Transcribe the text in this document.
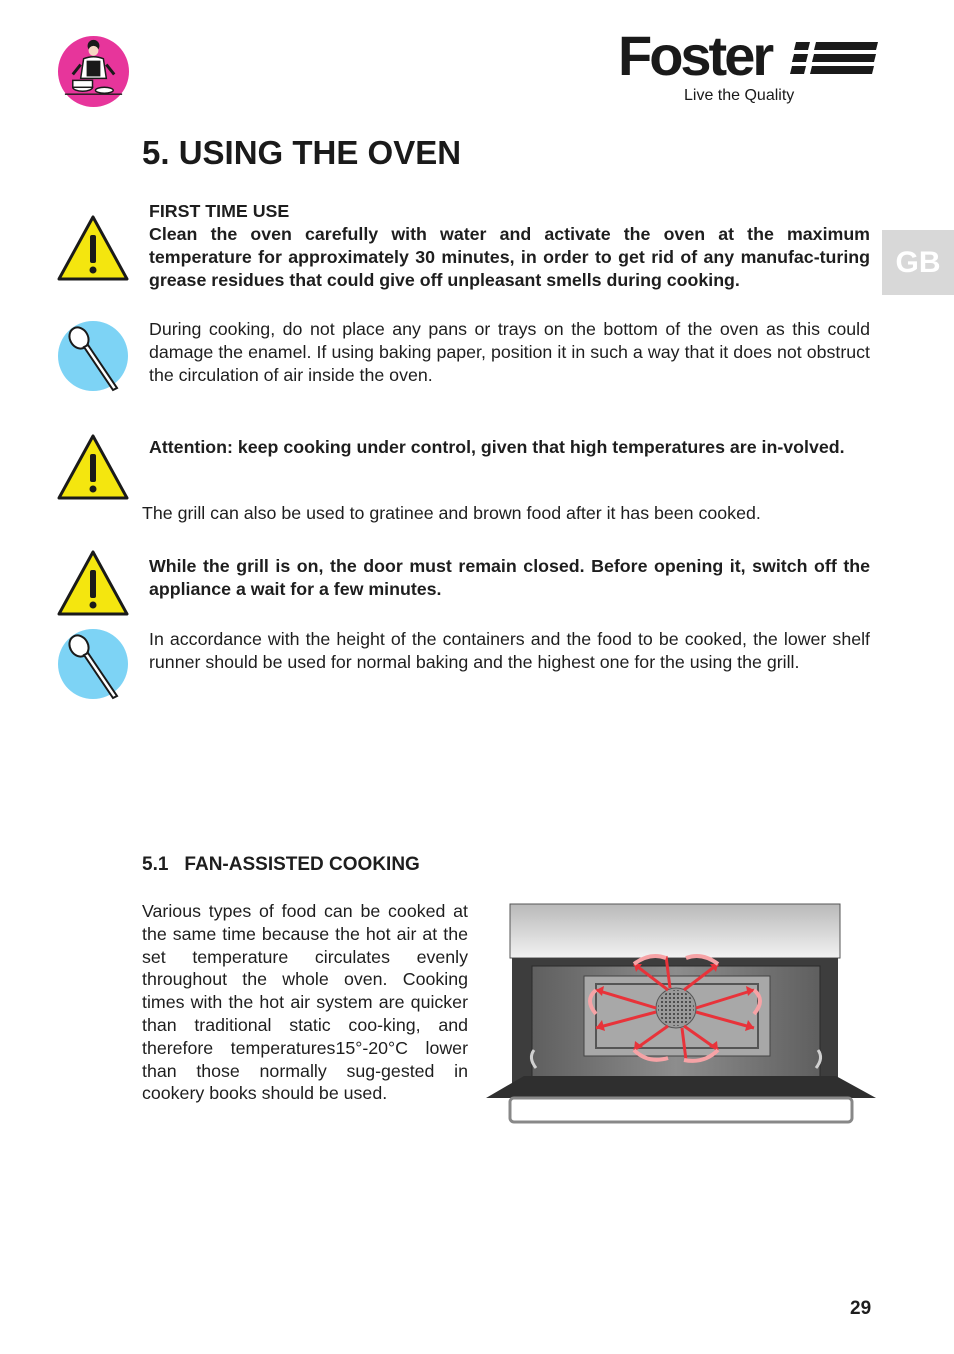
Foster
Live the Quality
5. USING THE OVEN
GB
FIRST TIME USE
Clean the oven carefully with water and activate the oven at the maximum temperature for approximately 30 minutes, in order to get rid of any manufac-turing grease residues that could give off unpleasant smells during cooking.
During cooking, do not place any pans or trays on the bottom of the oven as this could damage the enamel. If using baking paper, position it in such a way that it does not obstruct the circulation of air inside the oven.
Attention: keep cooking under control, given that high temperatures are in-volved.
The grill can also be used to gratinee and brown food after it has been cooked.
While the grill is on, the door must remain closed. Before opening it, switch off the appliance a wait for a few minutes.
In accordance with the height of the containers and the food to be cooked, the lower shelf runner should be used for normal baking and the highest one for the using the grill.
5.1 FAN-ASSISTED COOKING
Various types of food can be cooked at the same time because the hot air at the set temperature circulates evenly throughout the whole oven. Cooking times with the hot air system are quicker than traditional static coo-king, and therefore temperatures15°-20°C lower than those normally sug-gested in cookery books should be used.
29
